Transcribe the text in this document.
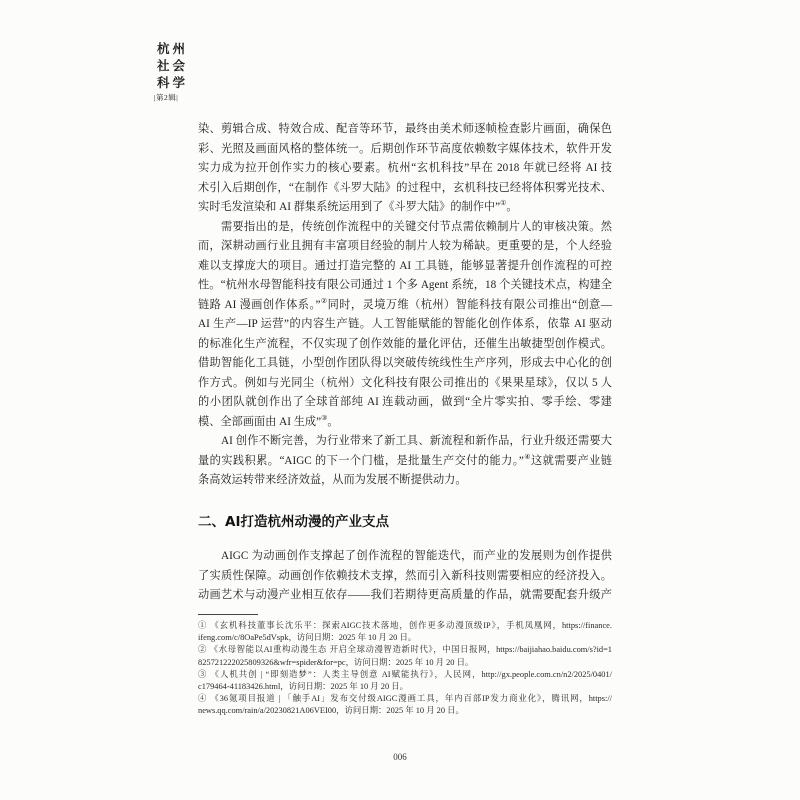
杭州
社会
科学
|第2辑|
染、剪辑合成、特效合成、配音等环节，最终由美术师逐帧检查影片画面，确保色
彩、光照及画面风格的整体统一。后期创作环节高度依赖数字媒体技术，软件开发
实力成为拉开创作实力的核心要素。杭州“玄机科技”早在 2018 年就已经将 AI 技
术引入后期创作，“在制作《斗罗大陆》的过程中，玄机科技已经将体积雾光技术、
实时毛发渲染和 AI 群集系统运用到了《斗罗大陆》的制作中”①。
需要指出的是，传统创作流程中的关键交付节点需依赖制片人的审核决策。然
而，深耕动画行业且拥有丰富项目经验的制片人较为稀缺。更重要的是，个人经验
难以支撑庞大的项目。通过打造完整的 AI 工具链，能够显著提升创作流程的可控
性。“杭州水母智能科技有限公司通过 1 个多 Agent 系统，18 个关键技术点，构建全
链路 AI 漫画创作体系。”②同时，灵境万维（杭州）智能科技有限公司推出“创意—
AI 生产—IP 运营”的内容生产链。人工智能赋能的智能化创作体系，依靠 AI 驱动
的标准化生产流程，不仅实现了创作效能的量化评估，还催生出敏捷型创作模式。
借助智能化工具链，小型创作团队得以突破传统线性生产序列，形成去中心化的创
作方式。例如与光同尘（杭州）文化科技有限公司推出的《果果星球》，仅以 5 人
的小团队就创作出了全球首部纯 AI 连载动画，做到“全片零实拍、零手绘、零建
模、全部画面由 AI 生成”③。
AI 创作不断完善，为行业带来了新工具、新流程和新作品，行业升级还需要大
量的实践积累。“AIGC 的下一个门槛，是批量生产交付的能力。”④这就需要产业链
条高效运转带来经济效益，从而为发展不断提供动力。
二、AI打造杭州动漫的产业支点
AIGC 为动画创作支撑起了创作流程的智能迭代，而产业的发展则为创作提供
了实质性保障。动画创作依赖技术支撑，然而引入新科技则需要相应的经济投入。
动画艺术与动漫产业相互依存——我们若期待更高质量的作品，就需要配套升级产
① 《玄机科技董事长沈乐平：探索AIGC技术落地，创作更多动漫顶级IP》，手机凤凰网，https://finance.
ifeng.com/c/8OaPe5dVspk，访问日期：2025 年 10 月 20 日。
② 《水母智能以AI重构动漫生态 开启全球动漫智造新时代》，中国日报网，https://baijiahao.baidu.com/s?id=1
825721222025809326&wfr=spider&for=pc，访问日期：2025 年 10 月 20 日。
③ 《人机共创 | “即刻造梦”：人类主导创意 AI赋能执行》，人民网，http://gx.people.com.cn/n2/2025/0401/
c179464-41183426.html，访问日期：2025 年 10 月 20 日。
④ 《36氪项目报道 | 「触手AI」发布交付级AIGC漫画工具，年内百部IP发力商业化》，腾讯网，https://
news.qq.com/rain/a/20230821A06VEI00，访问日期：2025 年 10 月 20 日。
006
